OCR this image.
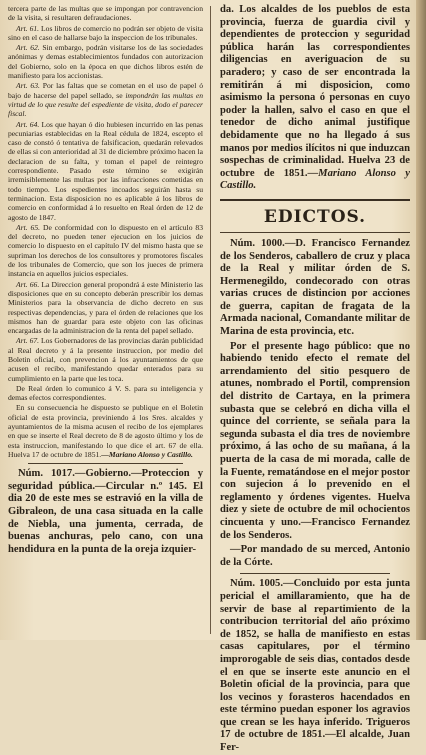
tercera parte de las multas que se impongan por contravencion de la visita, si resultaren defraudaciones.

Art. 61. Los libros de comercio no podrán ser objeto de visita sino en el caso de hallarse bajo la inspeccion de los tribunales.

Art. 62. Sin embargo, podrán visitarse los de las sociedades anónimas y demas establecimientos fundados con autorizacion del Gobierno, solo en la época en que dichos libros estén de manifiesto para los accionistas.

Art. 63. Por las faltas que se cometan en el uso de papel ó bajo de hacerse del papel sellado, se impondrán las multas en virtud de lo que resulte del espediente de visita, dodo el parecer fiscal.

Art. 64. Los que hayan ó dio hubiesen incurrido en las penas pecuniarias establecidas en la Real cédula de 1824, escepto el caso de constó ó tentativa de falsificacion, quedarán relevados de ellas si con anterioridad al 31 de diciembre próximo hacen la declaracion de su falta, y toman el papel de reintegro correspondiente. Pasado este término se exigirán irremisiblemente las multas por las infracciones cometidas en todo tiempo. Los espedientes incoados seguirán hasta su terminacion. Esta disposicion no es aplicable á los libros de comercio en conformidad á lo resuelto en Real órden de 12 de agosto de 1847.

Art. 65. De conformidad con lo dispuesto en el artículo 83 del decreto, no pueden tener ejecucion en los juicios de comercio lo dispuesto en el capítulo IV del mismo hasta que se supriman los derechos de los consultores y promotores fiscales de los tribunales de Comercio, que son los jueces de primera instancia en aquellos juicios especiales.

Art. 66. La Direccion general propondrá á este Ministerio las disposiciones que en su concepto deberán prescribir los demas Ministerios para la observancia de dicho decreto en sus respectivas dependencias, y para el órden de relaciones que los mismos han de guardar para este objeto con las oficinas encargadas de la administracion de la renta del papel sellado.

Art. 67. Los Gobernadores de las provincias darán publicidad al Real decreto y á la presente instruccion, por medio del Boletin oficial, con prevencion á los ayuntamientos de que acusen el recibo, manifestando quedar enterados para su cumplimiento en la parte que les toca.

De Real órden lo comunico á V. S. para su inteligencia y demas efectos correspondientes.

En su consecuencia he dispuesto se publique en el Boletin oficial de esta provincia, previniendo á los Sres. alcaldes y ayuntamientos de la misma acusen el recibo de los ejemplares en que se inserte el Real decreto de 8 de agosto último y los de esta instruccion, manifestando lo que dice el art. 67 de ella. Huelva 17 de octubre de 1851.—Mariano Alonso y Castillo.

Núm. 1017.—Gobierno.—Proteccion y seguridad pública.—Circular n.º 145. El dia 20 de este mes se estravió en la villa de Gibraleon, de una casa situada en la calle de Niebla, una jumenta, cerrada, de buenas anchuras, pelo cano, con una hendidura en la punta de la oreja izquier-

da. Los alcaldes de los pueblos de esta provincia, fuerza de guardia civil y dependientes de proteccion y seguridad pública harán las correspondientes diligencias en averiguacion de su paradero; y caso de ser encontrada la remitirán á mi disposicion, como asimismo la persona ó personas en cuyo poder la hallen, salvo el caso en que el tenedor de dicho animal justifique debidamente que no ha llegado á sus manos por medios ilícitos ni que induzcan sospechas de criminalidad. Huelva 23 de octubre de 1851.—Mariano Alonso y Castillo.

EDICTOS.

Núm. 1000.—D. Francisco Fernandez de los Senderos, caballero de cruz y placa de la Real y militar órden de S. Hermenegildo, condecorado con otras varias cruces de distincion por acciones de guerra, capitan de fragata de la Armada nacional, Comandante militar de Marina de esta provincia, etc.

Por el presente hago público: que no habiendo tenido efecto el remate del arrendamiento del sitio pesquero de atunes, nombrado el Portil, comprension del distrito de Cartaya, en la primera subasta que se celebró en dicha villa el quince del corriente, se señala para la segunda subasta el dia tres de noviembre próximo, á las ocho de su mañana, á la puerta de la casa de mi morada, calle de la Fuente, rematándose en el mejor postor con sujecion á lo prevenido en el reglamento y órdenes vigentes. Huelva diez y siete de octubre de mil ochocientos cincuenta y uno.—Francisco Fernandez de los Senderos.

—Por mandado de su merced, Antonio de la Córte.

Núm. 1005.—Concluido por esta junta pericial el amillaramiento, que ha de servir de base al repartimiento de la contribucion territorial del año próximo de 1852, se halla de manifiesto en estas casas capitulares, por el término improrogable de seis dias, contados desde el en que se inserte este anuncio en el Boletin oficial de la provincia, para que los vecinos y forasteros hacendados en este término puedan esponer los agravios que crean se les haya inferido. Trigueros 17 de octubre de 1851.—El alcalde, Juan Fer-
